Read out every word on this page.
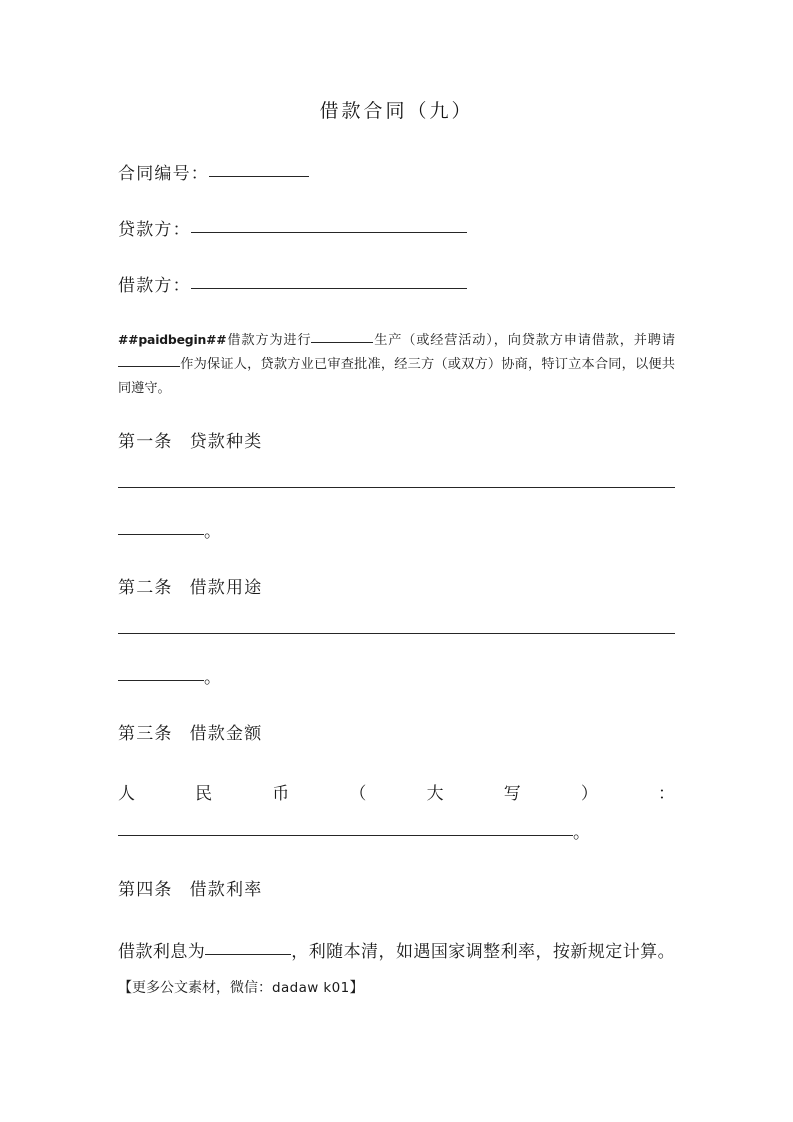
借款合同（九）
合同编号：
贷款方：
借款方：

##paidbegin##借款方为进行	生产（或经营活动），向贷款方申请借款，并聘请作为保证人，贷款方业已审查批准，经三方（或双方）协商，特订立本合同，以便共同遵守。

第一条 贷款种类
。
第二条 借款用途
。
第三条 借款金额
人	民	币	（	大	写	）	：
。
第四条 借款利率

借款利息为	，利随本清，如遇国家调整利率，按新规定计算。【更多公文素材，微信：dadaw k01】
